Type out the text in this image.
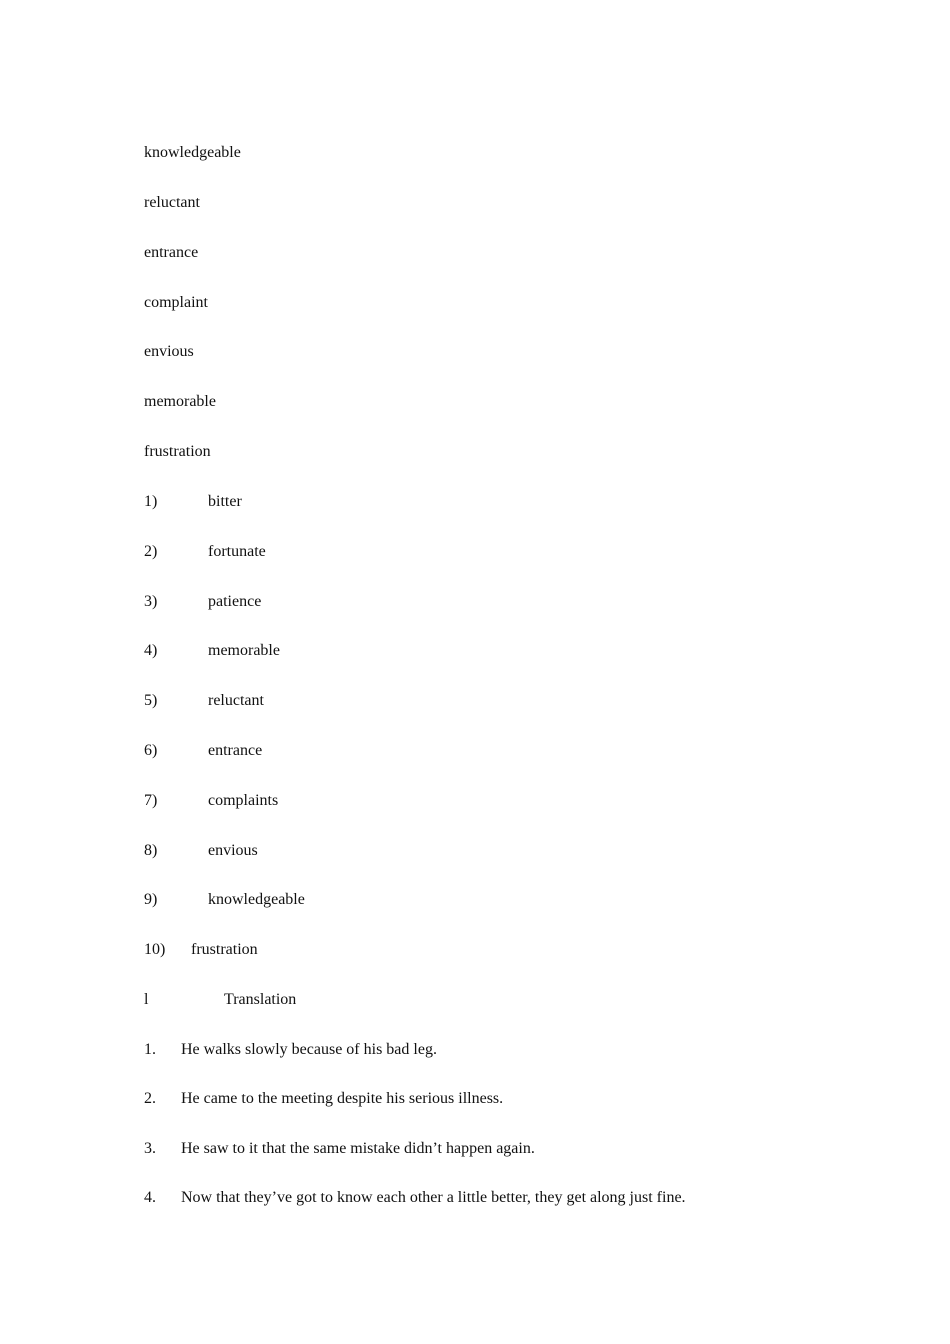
knowledgeable
reluctant
entrance
complaint
envious
memorable
frustration
1)	bitter
2)	fortunate
3)	patience
4)	memorable
5)	reluctant
6)	entrance
7)	complaints
8)	envious
9)	knowledgeable
10) frustration
l	Translation
1. He walks slowly because of his bad leg.
2. He came to the meeting despite his serious illness.
3. He saw to it that the same mistake didn’t happen again.
4. Now that they’ve got to know each other a little better, they get along just fine.
